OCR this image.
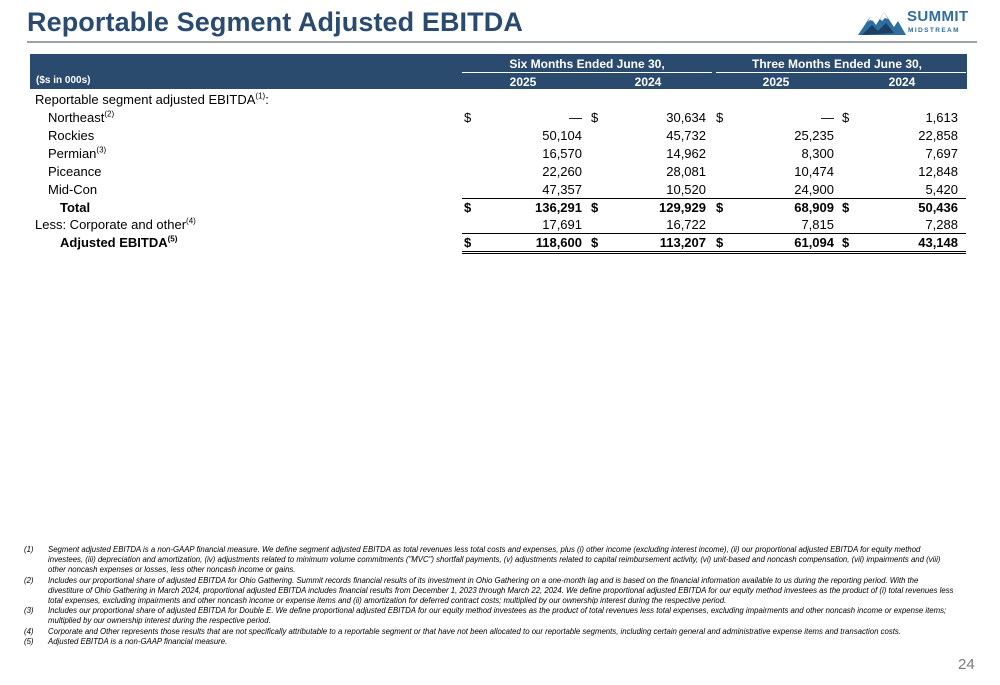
Reportable Segment Adjusted EBITDA	SUMMIT
MIDSTREAM
Six Months Ended June 30,	Three Months Ended June 30,
($s in 000s)	2025	2024	2025	2024
Reportable segment adjusted EBITDA$^{(1)}$:
Northeast$^{(2)}$	$	— $	30,634 $	— $	1,613
Rockies	50,104	45,732	25,235	22,858
Permian$^{(3)}$	16,570	14,962	8,300	7,697
Piceance	22,260	28,081	10,474	12,848
Mid-Con	47,357	10,520	24,900	5,420
Total	$	136,291 $	129,929 $	68,909 $	50,436
Less: Corporate and other$^{(4)}$	17,691	16,722	7,815	7,288
Adjusted EBITDA$^{(5)}$	$	118,600 $	113,207 $	61,094 $	43,148
(1) Segment adjusted EBITDA is a non-GAAP financial measure. We define segment adjusted EBITDA as total revenues less total costs and expenses, plus (i) other income (excluding interest income), (ii) our proportional adjusted EBITDA for equity method investees, (iii) depreciation and amortization, (iv) adjustments related to minimum volume commitments ("MVC") shortfall payments, (v) adjustments related to capital reimbursement activity, (vi) unit-based and noncash compensation, (vii) impairments and (viii) other noncash expenses or losses, less other noncash income or gains.
(2) Includes our proportional share of adjusted EBITDA for Ohio Gathering. Summit records financial results of its investment in Ohio Gathering on a one-month lag and is based on the financial information available to us during the reporting period. With the divestiture of Ohio Gathering in March 2024, proportional adjusted EBITDA includes financial results from December 1, 2023 through March 22, 2024. We define proportional adjusted EBITDA for our equity method investees as the product of (i) total revenues less total expenses, excluding impairments and other noncash income or expense items and (ii) amortization for deferred contract costs; multiplied by our ownership interest during the respective period.
(3) Includes our proportional share of adjusted EBITDA for Double E. We define proportional adjusted EBITDA for our equity method investees as the product of total revenues less total expenses, excluding impairments and other noncash income or expense items; multiplied by our ownership interest during the respective period.
(4) Corporate and Other represents those results that are not specifically attributable to a reportable segment or that have not been allocated to our reportable segments, including certain general and administrative expense items and transaction costs.
(5) Adjusted EBITDA is a non-GAAP financial measure.
24
